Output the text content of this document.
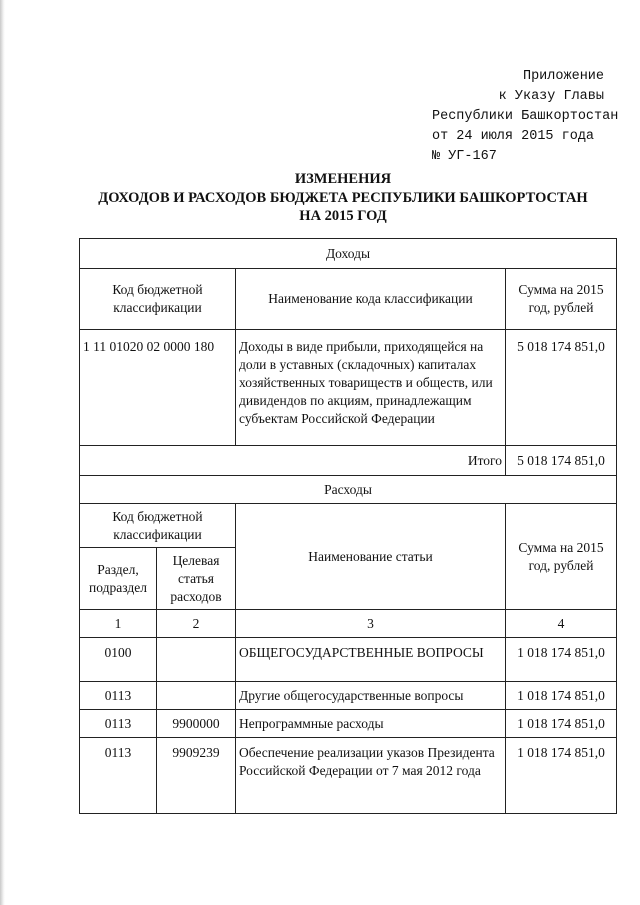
Приложение
к Указу Главы
Республики Башкортостан
от 24 июля 2015 года
№ УГ-167
ИЗМЕНЕНИЯ
ДОХОДОВ И РАСХОДОВ БЮДЖЕТА РЕСПУБЛИКИ БАШКОРТОСТАН
НА 2015 ГОД
Доходы			
Код бюджетной классификации		Наименование кода классификации	Сумма на 2015 год, рублей
1 11 01020 02 0000 180		Доходы в виде прибыли, приходящейся на доли в уставных (складочных) капиталах хозяйственных товариществ и обществ, или дивидендов по акциям, принадлежащим субъектам Российской Федерации	5 018 174 851,0
Итого			5 018 174 851,0
Расходы			
Код бюджетной классификации		Наименование статьи	Сумма на 2015 год, рублей
Раздел, подраздел	Целевая статья расходов		
1	2	3	4
0100		ОБЩЕГОСУДАРСТВЕННЫЕ ВОПРОСЫ	1 018 174 851,0
0113		Другие общегосударственные вопросы	1 018 174 851,0
0113	9900000	Непрограммные расходы	1 018 174 851,0
0113	9909239	Обеспечение реализации указов Президента Российской Федерации от 7 мая 2012 года	1 018 174 851,0
